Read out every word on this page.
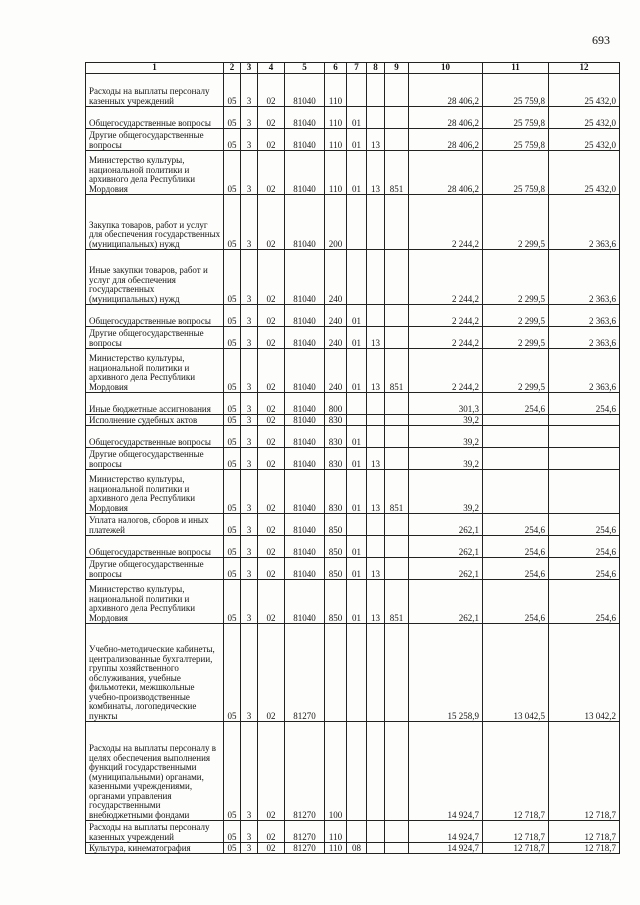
693
1	2	3	4	5	6	7	8	9	10	11	12
Расходы на выплаты персоналу казенных учреждений	05	3	02	81040	110				28 406,2	25 759,8	25 432,0
Общегосударственные вопросы	05	3	02	81040	110	01			28 406,2	25 759,8	25 432,0
Другие общегосударственные вопросы	05	3	02	81040	110	01	13		28 406,2	25 759,8	25 432,0
Министерство культуры, национальной политики и архивного дела Республики Мордовия	05	3	02	81040	110	01	13	851	28 406,2	25 759,8	25 432,0
Закупка товаров, работ и услуг для обеспечения государственных (муниципальных) нужд	05	3	02	81040	200				2 244,2	2 299,5	2 363,6
Иные закупки товаров, работ и услуг для обеспечения государственных (муниципальных) нужд	05	3	02	81040	240				2 244,2	2 299,5	2 363,6
Общегосударственные вопросы	05	3	02	81040	240	01			2 244,2	2 299,5	2 363,6
Другие общегосударственные вопросы	05	3	02	81040	240	01	13		2 244,2	2 299,5	2 363,6
Министерство культуры, национальной политики и архивного дела Республики Мордовия	05	3	02	81040	240	01	13	851	2 244,2	2 299,5	2 363,6
Иные бюджетные ассигнования	05	3	02	81040	800				301,3	254,6	254,6
Исполнение судебных актов	05	3	02	81040	830				39,2		
Общегосударственные вопросы	05	3	02	81040	830	01			39,2		
Другие общегосударственные вопросы	05	3	02	81040	830	01	13		39,2		
Министерство культуры, национальной политики и архивного дела Республики Мордовия	05	3	02	81040	830	01	13	851	39,2		
Уплата налогов, сборов и иных платежей	05	3	02	81040	850				262,1	254,6	254,6
Общегосударственные вопросы	05	3	02	81040	850	01			262,1	254,6	254,6
Другие общегосударственные вопросы	05	3	02	81040	850	01	13		262,1	254,6	254,6
Министерство культуры, национальной политики и архивного дела Республики Мордовия	05	3	02	81040	850	01	13	851	262,1	254,6	254,6
Учебно-методические кабинеты, централизованные бухгалтерии, группы хозяйственного обслуживания, учебные фильмотеки, межшкольные учебно-производственные комбинаты, логопедические пункты	05	3	02	81270					15 258,9	13 042,5	13 042,2
Расходы на выплаты персоналу в целях обеспечения выполнения функций государственными (муниципальными) органами, казенными учреждениями, органами управления государственными внебюджетными фондами	05	3	02	81270	100				14 924,7	12 718,7	12 718,7
Расходы на выплаты персоналу казенных учреждений	05	3	02	81270	110				14 924,7	12 718,7	12 718,7
Культура, кинематография	05	3	02	81270	110	08			14 924,7	12 718,7	12 718,7
